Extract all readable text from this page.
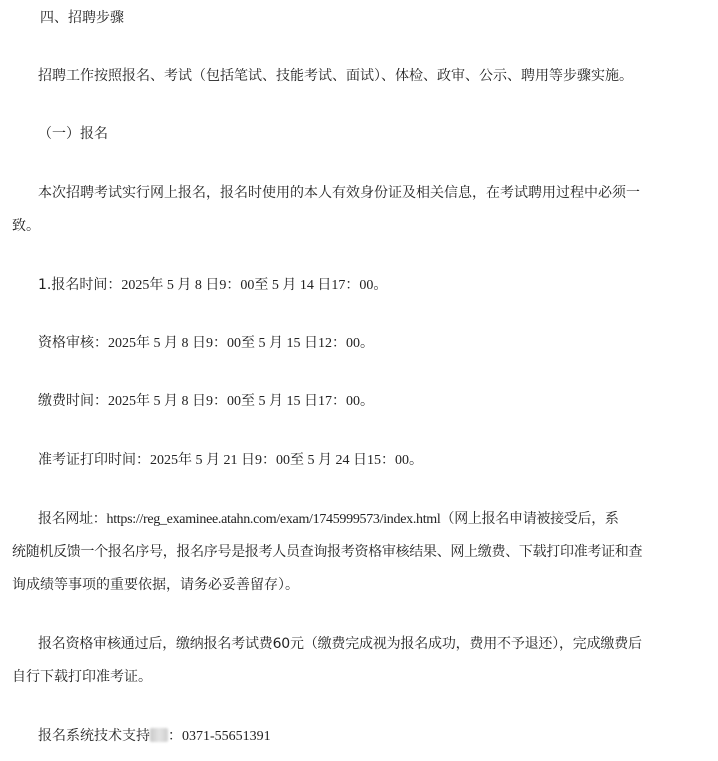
四、招聘步骤
招聘工作按照报名、考试（包括笔试、技能考试、面试）、体检、政审、公示、聘用等步骤实施。
（一）报名
本次招聘考试实行网上报名，报名时使用的本人有效身份证及相关信息，在考试聘用过程中必须一
致。
1.报名时间：2025年 5 月 8 日9：00至 5 月 14 日17：00。
资格审核：2025年 5 月 8 日9：00至 5 月 15 日12：00。
缴费时间：2025年 5 月 8 日9：00至 5 月 15 日17：00。
准考证打印时间：2025年 5 月 21 日9：00至 5 月 24 日15：00。
报名网址：https://reg_examinee.atahn.com/exam/1745999573/index.html（网上报名申请被接受后，系
统随机反馈一个报名序号，报名序号是报考人员查询报考资格审核结果、网上缴费、下载打印准考证和查
询成绩等事项的重要依据，请务必妥善留存）。
报名资格审核通过后，缴纳报名考试费60元（缴费完成视为报名成功，费用不予退还），完成缴费后
自行下载打印准考证。
报名系统技术支持 ：0371-55651391
